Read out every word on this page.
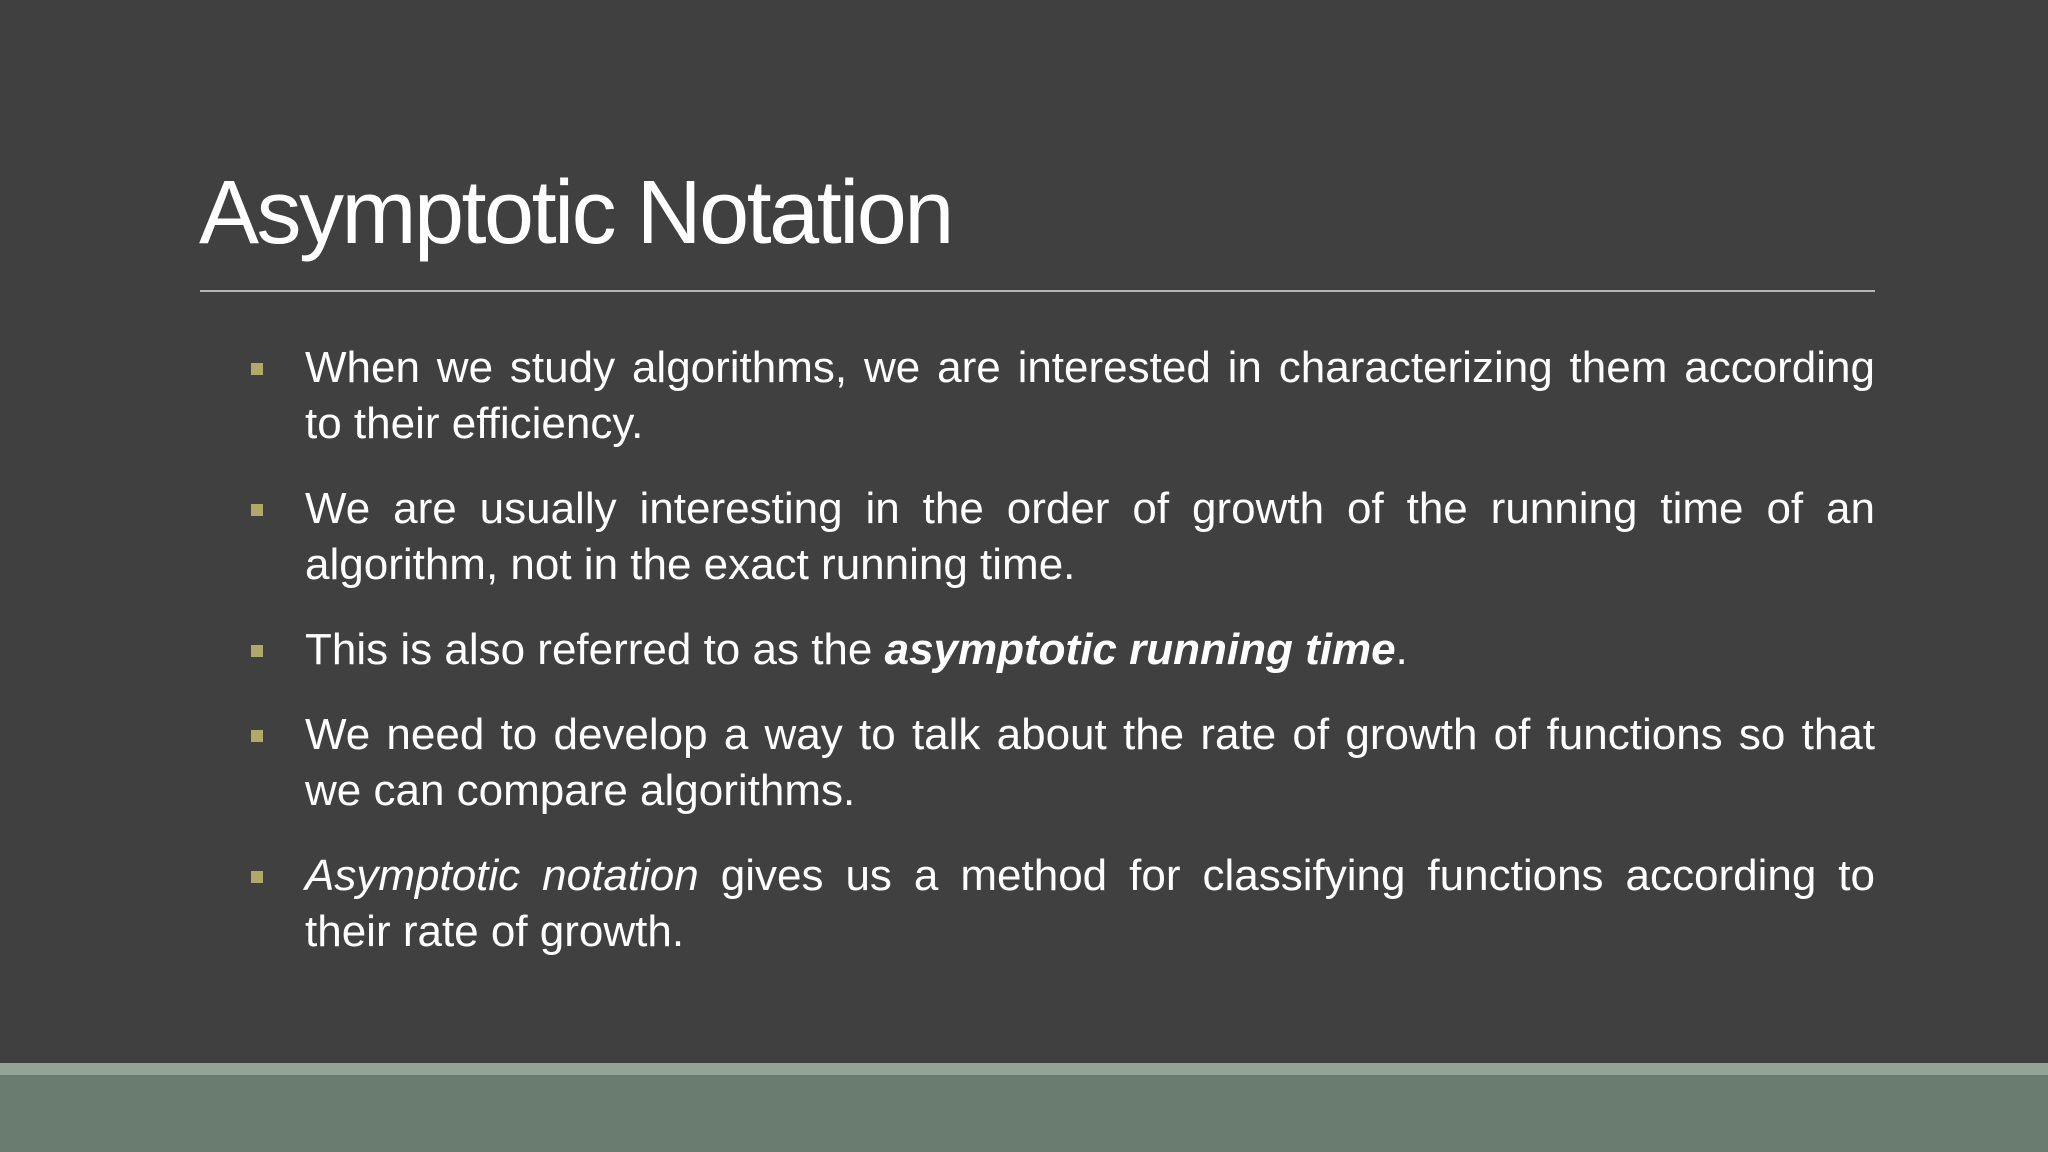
Asymptotic Notation
When we study algorithms, we are interested in characterizing them according to their efficiency.
We are usually interesting in the order of growth of the running time of an algorithm, not in the exact running time.
This is also referred to as the asymptotic running time.
We need to develop a way to talk about the rate of growth of functions so that we can compare algorithms.
Asymptotic notation gives us a method for classifying functions according to their rate of growth.
